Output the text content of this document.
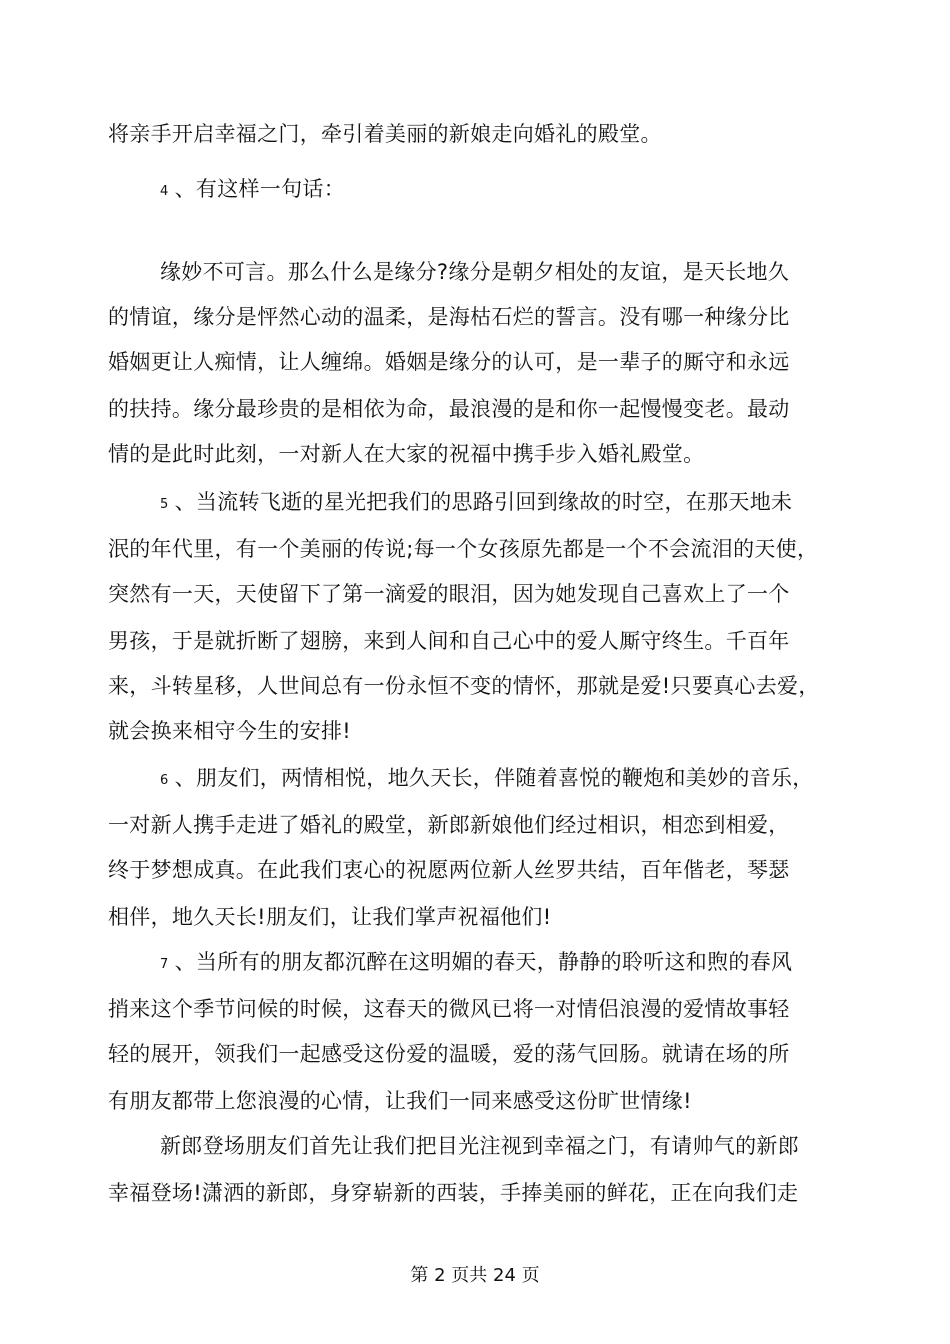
将亲手开启幸福之门，牵引着美丽的新娘走向婚礼的殿堂。
4 、有这样一句话：
缘妙不可言。那么什么是缘分?缘分是朝夕相处的友谊，是天长地久
的情谊，缘分是怦然心动的温柔，是海枯石烂的誓言。没有哪一种缘分比
婚姻更让人痴情，让人缠绵。婚姻是缘分的认可，是一辈子的厮守和永远
的扶持。缘分最珍贵的是相依为命，最浪漫的是和你一起慢慢变老。最动
情的是此时此刻，一对新人在大家的祝福中携手步入婚礼殿堂。
5 、当流转飞逝的星光把我们的思路引回到缘故的时空，在那天地未
泯的年代里，有一个美丽的传说;每一个女孩原先都是一个不会流泪的天使，
突然有一天，天使留下了第一滴爱的眼泪，因为她发现自己喜欢上了一个
男孩，于是就折断了翅膀，来到人间和自己心中的爱人厮守终生。千百年
来，斗转星移，人世间总有一份永恒不变的情怀，那就是爱!只要真心去爱，
就会换来相守今生的安排!
6 、朋友们，两情相悦，地久天长，伴随着喜悦的鞭炮和美妙的音乐，
一对新人携手走进了婚礼的殿堂，新郎新娘他们经过相识，相恋到相爱，
终于梦想成真。在此我们衷心的祝愿两位新人丝罗共结，百年偕老，琴瑟
相伴，地久天长!朋友们，让我们掌声祝福他们!
7 、当所有的朋友都沉醉在这明媚的春天，静静的聆听这和煦的春风
捎来这个季节问候的时候，这春天的微风已将一对情侣浪漫的爱情故事轻
轻的展开，领我们一起感受这份爱的温暖，爱的荡气回肠。就请在场的所
有朋友都带上您浪漫的心情，让我们一同来感受这份旷世情缘!
新郎登场朋友们首先让我们把目光注视到幸福之门，有请帅气的新郎
幸福登场!潇洒的新郎，身穿崭新的西装，手捧美丽的鲜花，正在向我们走
第 2 页共 24 页
